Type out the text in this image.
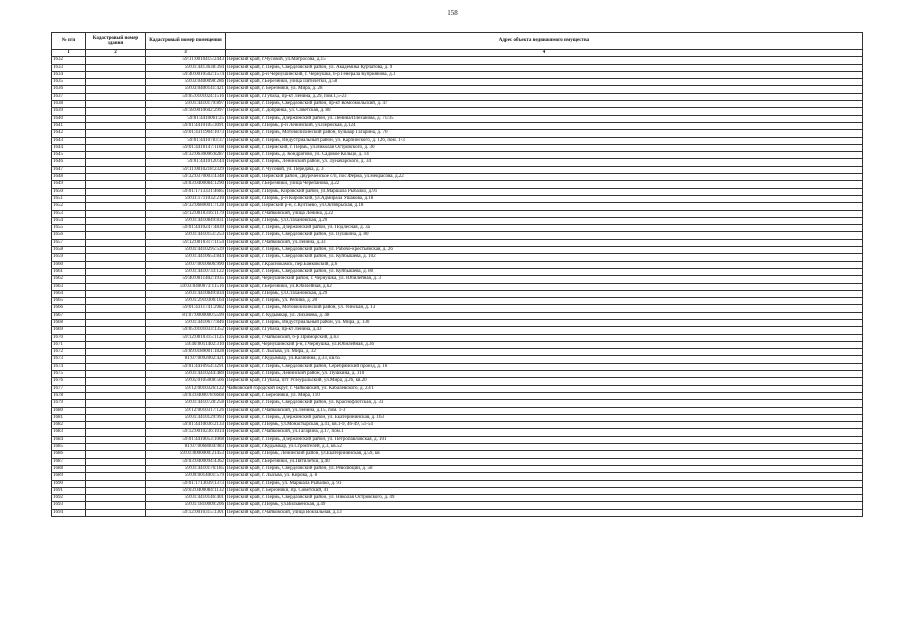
158
№ п/п	Кадастровый номер здания	Кадастровый номер помещения	Адрес объекта недвижимого имущества
1	2	3	4
1632		59:11:0010415:2443	Пермский край, г.Чусовой, ул.Матросова, д.15
1633		59:01:4413638:394	Пермский край, г. Пермь, Свердловский район, ул. Академика Курчатова, д. 9
1634		59:40:0010502:1574	Пермский край, р-н Чернушинский, г. Чернушка, б-р Генерала Куприянова, д.1
1635		59:03:0400098:286	Пермский край, г.Березники, улица Пятилетки, д.58
1636		59:03:0400141:421	Пермский край, г. Березники, ул. Мира, д. 28
1637		59:05:0101024:1516	Пермский край, г.Губаха, пр-кт Ленина, д.29, пом.1,5-23
1638		59:01:4410179:897	Пермский край, г. Пермь, Свердловский район, пр-кт Комсомольский, д. 47
1639		59:18:0010602:2997	Пермский край, г. Добрянка, ул. Советская, д. 80
1640		59:01:4410061:25	Пермский край, г. Пермь, Дзержинский район, ул. Ленина/Плеханова, д. 71/35
1641		59:01:4410105:3091	Пермский край, г.Пермь, р-н Ленинский, ул.Пермская, д.124
1642		59:01:4311904:1073	Пермский край, г. Пермь, Мотовилихинский район, бульвар Гагарина, д. 70
1643		59:01:4410783:37	Пермский край, г. Пермь, Индустриальный район, ул. Карпинского, д. 126, пом. 1-3
1644		59:01:4410147:1168	Пермский край, г. Пермский, г. Пермь, ул.Николая Островского, д. 30
1645		59:32:0630006:8287	Пермский край, г. Пермь, д. Кондратово, ул. Садовое Кольцо, д. 14
1646		59:01:4410120:44	Пермский край, г. Пермь, Ленинский район, ул. Луначарского, д. 34
1647		59:11:0010218:2329	Пермский край, г. Чусовой, ул. Передача, д. 3
1648		59:32:0370003:4348	Пермский край, Пермский район, Двуреченское с/п, пос.Ферма, ул.Некрасова, д.22
1649		59:03:0400084:1290	Пермский край, г.Березники, улица Черепанова, д.22
1650		59:01:1713331:4685	Пермский край, г.Пермь, Кировский район, ул.Маршала Рыбалко, д.91
1651		59:01:1711032:210	Пермский край, г.Пермь, р-н Кировский, ул.Адмирала Ушакова, д.18
1652		59:32:0680001:7128	Пермский край, Пермский р-н, с.Култаево, ул.Октябрьская, д.18
1653		59:12:0010316:1179	Пермский край, г.Чайковский, улица Ленина, д.22
1654		59:01:4410849:831	Пермский край, г.Пермь, ул.Стахановская, д.29
1655		59:01:4410247:4839	Пермский край, г. Пермь, Дзержинский район, ул. Подлесная, д. 3а
1656		59:01:4410151:253	Пермский край, г. Пермь, Свердловский район, ул. Пушкина, д. 80
1657		59:12:0010317:1154	Пермский край, г.Чайковский, ул.Ленина, д.33
1658		59:01:4410295:539	Пермский край, г. Пермь, Свердловский район, ул. Рабоче-крестьянская, д. 26
1659		59:01:4410653:844	Пермский край, г. Пермь, Свердловский район, ул. Куйбышева, д. 102
1660		59:07:0010606:990	Пермский край, г.Краснокамск, пер.Банковский, д.6
1661		59:01:4410733:122	Пермский край, г. Пермь, Свердловский район, ул. Куйбышева, д. 80
1662		59:40:0011402:1935	Пермский край, Чернушинский район, г. Чернушка, ул. Юбилейная, д. 3
1663		59:03:0400073:11516	Пермский край, г.Березники, ул.Юбилейная, д.62
1664		59:01:4410849:834	Пермский край, г.Пермь, ул.Стахановская, д.29
1665		59:01:2910306:164	Пермский край, г. Пермь, ул. Репина, д. 20
1666		59:01:4311741:2982	Пермский край, г. Пермь, Мотовилихинский район, ул. Уинская, д. 13
1667		81:07:0000000:5599	Пермский край, г. Кудымкар, ул. Лихачева, д. 48
1668		59:01:4410677:846	Пермский край, г. Пермь, Индустриальный район, ул. Мира, д. 130
1669		59:05:0101033:1352	Пермский край, г.Губаха, пр-кт Ленина, д.43
1670		59:12:0010315:1125	Пермский край, г.Чайковский, б-р Приморский, д.63
1671		59:40:0011402:310	Пермский край, Чернушинский р-н, г.Чернушка, ул.Юбилейная, д.36
1672		59:09:0180001:1828	Пермский край, г. Лысьва, ул. Мира, д. 32
1673		81:07:0092002:421	Пермский край, г.Кудымкар, ул.Калинина, д.33, кв.65
1674		59:01:4410954:3291	Пермский край, г. Пермь, Свердловский район, Серебрянский проезд, д. 16
1675		59:01:4410244:489	Пермский край, г. Пермь, Ленинский район, ул. Пушкина, д. 110
1676		59:05:0105008:566	Пермский край, г.Губаха, пгт Углеуральский, ул.Мира, д.26, кв.20
1677		59:12:0010326:122	Чайковский городской округ, г. Чайковский, ул. Кабалевского, д. 23/1
1678		59:03:0400078:6668	Пермский край, г. Березники, ул. Мира, 110
1679		59:01:4410728:258	Пермский край, г. Пермь, Свердловский район, ул. Краснофлотская, д. 33
1680		59:12:0010317:126	Пермский край, г.Чайковский, ул.Ленина, д.15, пом. 1-3
1681		59:01:4410129:993	Пермский край, г. Пермь, Дзержинский район, ул. Екатерининская, д. 163
1682		59:01:4410036:2133	Пермский край, г.Пермь, ул.Монастырская, д.41, кв.1-9, 46-49, 51-54
1683		59:12:0010236:1014	Пермский край, г.Чайковский, ул.Гагарина, д.17, пом.1
1684		59:01:4410053:1068	Пермский край, г. Пермь, Дзержинский район, ул. Петропавловская, д. 101
1685		81:07:0068004:983	Пермский край, г.Кудымкар, ул.Строителей, д.3, кв.52
1686		59:01:0000000:21453	Пермский край, г.Пермь, Ленинский район, ул.Екатерининская, д.59, кв
1687		59:03:0400094:4362	Пермский край, г.Березники, ул.Пятилетки, д.40
1688		59:01:4410176:185	Пермский край, г. Пермь, Свердловский район, ул. Революции, д. 58
1689		59:09:0014001:579	Пермский край, г. Лысьва, ул. Кирова, д. 8
1690		59:01:1713039:1373	Пермский край, г. Пермь, ул. Маршала Рыбалко, д. 91
1691		59:03:0400084:1132	Пермский край, г. Березники, пр. Советский, 41
1692		59:01:4410146:401	Пермский край, г. Пермь, Свердловский район, ул. Николая Островского, д. 49
1693		59:01:1810009:206	Пермский край, г.Пермь, ул.Вильвенская, д.49
1694		59:12:0010315:1301	Пермский край, г.Чайковский, улица Вокзальная, д.13
